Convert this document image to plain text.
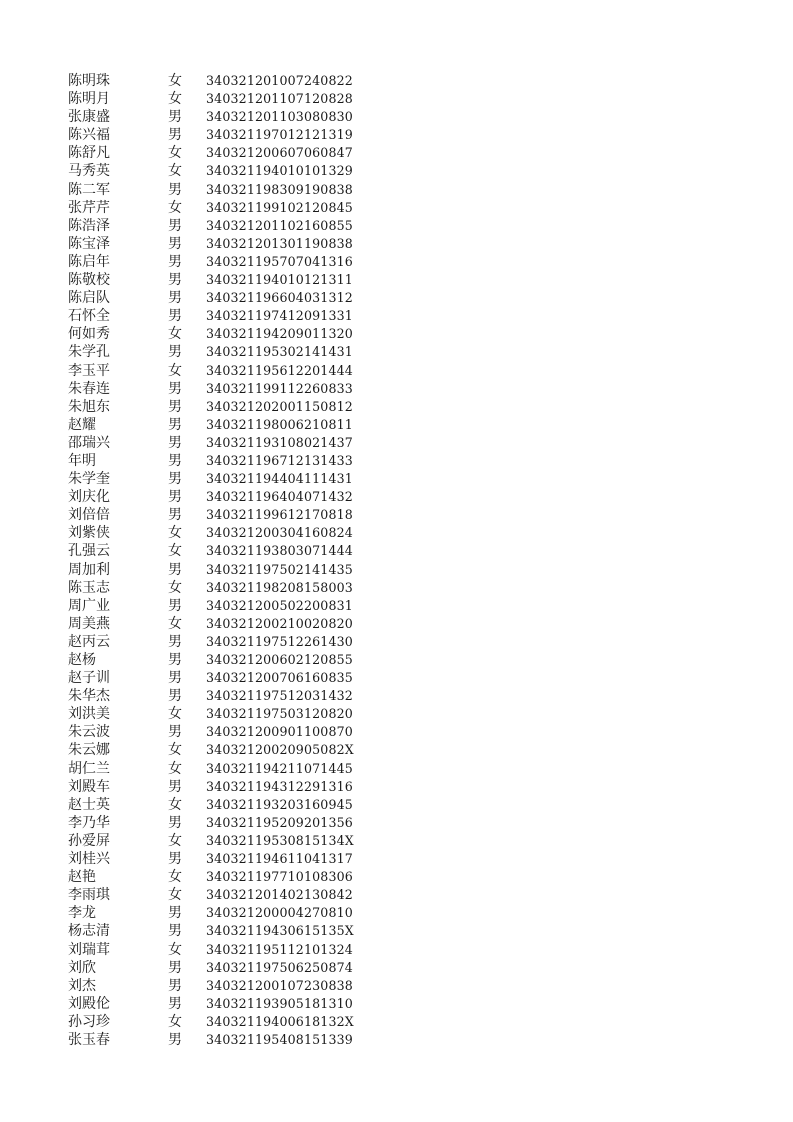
陈明珠	女	340321201007240822
陈明月	女	340321201107120828
张康盛	男	340321201103080830
陈兴福	男	340321197012121319
陈舒凡	女	340321200607060847
马秀英	女	340321194010101329
陈二军	男	340321198309190838
张芹芹	女	340321199102120845
陈浩泽	男	340321201102160855
陈宝泽	男	340321201301190838
陈启年	男	340321195707041316
陈敬校	男	340321194010121311
陈启队	男	340321196604031312
石怀全	男	340321197412091331
何如秀	女	340321194209011320
朱学孔	男	340321195302141431
李玉平	女	340321195612201444
朱春连	男	340321199112260833
朱旭东	男	340321202001150812
赵耀	男	340321198006210811
邵瑞兴	男	340321193108021437
年明	男	340321196712131433
朱学奎	男	340321194404111431
刘庆化	男	340321196404071432
刘倍倍	男	340321199612170818
刘紫侠	女	340321200304160824
孔强云	女	340321193803071444
周加利	男	340321197502141435
陈玉志	女	340321198208158003
周广业	男	340321200502200831
周美燕	女	340321200210020820
赵丙云	男	340321197512261430
赵杨	男	340321200602120855
赵子训	男	340321200706160835
朱华杰	男	340321197512031432
刘洪美	女	340321197503120820
朱云波	男	340321200901100870
朱云娜	女	34032120020905082X
胡仁兰	女	340321194211071445
刘殿车	男	340321194312291316
赵士英	女	340321193203160945
李乃华	男	340321195209201356
孙爱屏	女	34032119530815134X
刘桂兴	男	340321194611041317
赵艳	女	340321197710108306
李雨琪	女	340321201402130842
李龙	男	340321200004270810
杨志清	男	34032119430615135X
刘瑞茸	女	340321195112101324
刘欣	男	340321197506250874
刘杰	男	340321200107230838
刘殿伦	男	340321193905181310
孙习珍	女	34032119400618132X
张玉春	男	340321195408151339
